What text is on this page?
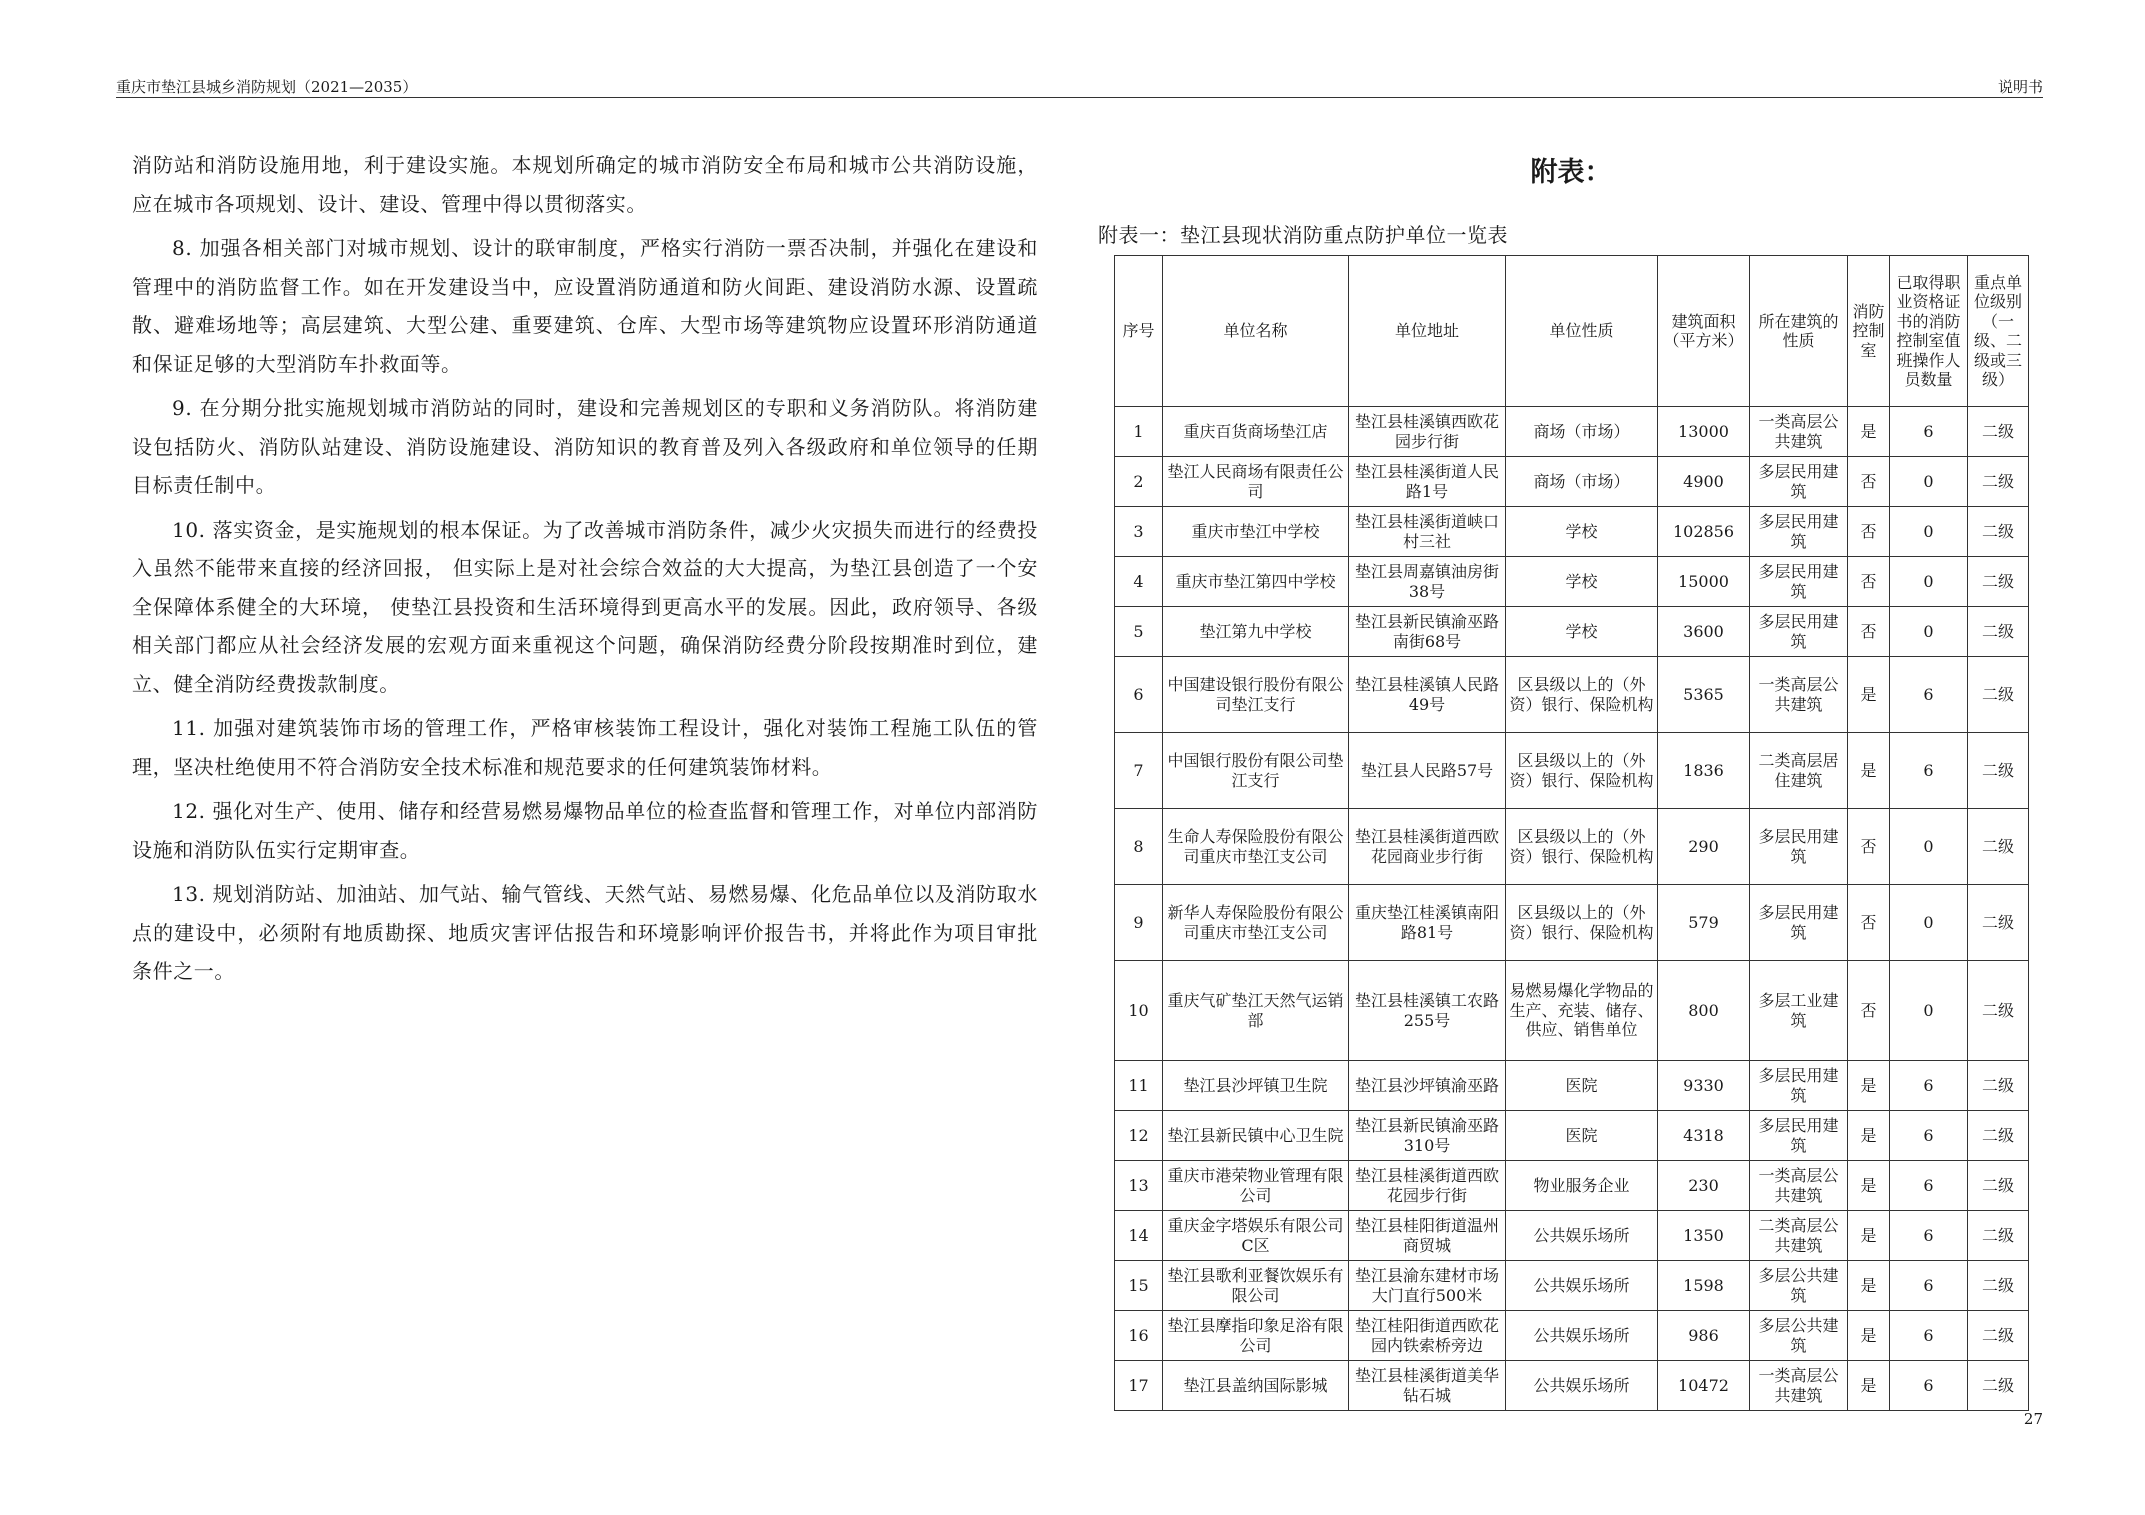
重庆市垫江县城乡消防规划（2021—2035）	说明书

消防站和消防设施用地，利于建设实施。本规划所确定的城市消防安全布局和城市公共消防设施，应在城市各项规划、设计、建设、管理中得以贯彻落实。

8. 加强各相关部门对城市规划、设计的联审制度，严格实行消防一票否决制，并强化在建设和管理中的消防监督工作。如在开发建设当中，应设置消防通道和防火间距、建设消防水源、设置疏散、避难场地等；高层建筑、大型公建、重要建筑、仓库、大型市场等建筑物应设置环形消防通道和保证足够的大型消防车扑救面等。

9. 在分期分批实施规划城市消防站的同时，建设和完善规划区的专职和义务消防队。将消防建设包括防火、消防队站建设、消防设施建设、消防知识的教育普及列入各级政府和单位领导的任期目标责任制中。

10. 落实资金，是实施规划的根本保证。为了改善城市消防条件，减少火灾损失而进行的经费投入虽然不能带来直接的经济回报， 但实际上是对社会综合效益的大大提高，为垫江县创造了一个安全保障体系健全的大环境， 使垫江县投资和生活环境得到更高水平的发展。因此，政府领导、各级相关部门都应从社会经济发展的宏观方面来重视这个问题，确保消防经费分阶段按期准时到位，建立、健全消防经费拨款制度。

11. 加强对建筑装饰市场的管理工作，严格审核装饰工程设计，强化对装饰工程施工队伍的管理，坚决杜绝使用不符合消防安全技术标准和规范要求的任何建筑装饰材料。

12. 强化对生产、使用、储存和经营易燃易爆物品单位的检查监督和管理工作，对单位内部消防设施和消防队伍实行定期审查。

13. 规划消防站、加油站、加气站、输气管线、天然气站、易燃易爆、化危品单位以及消防取水点的建设中，必须附有地质勘探、地质灾害评估报告和环境影响评价报告书，并将此作为项目审批条件之一。

附表：
附表一：垫江县现状消防重点防护单位一览表
序号	单位名称	单位地址	单位性质	建筑面积（平方米）	所在建筑的性质	消防控制室	已取得职业资格证书的消防控制室值班操作人员数量	重点单位级别（一级、二级或三级）
1	重庆百货商场垫江店	垫江县桂溪镇西欧花园步行街	商场（市场）	13000	一类高层公共建筑	是	6	二级
2	垫江人民商场有限责任公司	垫江县桂溪街道人民路1号	商场（市场）	4900	多层民用建筑	否	0	二级
3	重庆市垫江中学校	垫江县桂溪街道峡口村三社	学校	102856	多层民用建筑	否	0	二级
4	重庆市垫江第四中学校	垫江县周嘉镇油房街38号	学校	15000	多层民用建筑	否	0	二级
5	垫江第九中学校	垫江县新民镇渝巫路南街68号	学校	3600	多层民用建筑	否	0	二级
6	中国建设银行股份有限公司垫江支行	垫江县桂溪镇人民路49号	区县级以上的（外资）银行、保险机构	5365	一类高层公共建筑	是	6	二级
7	中国银行股份有限公司垫江支行	垫江县人民路57号	区县级以上的（外资）银行、保险机构	1836	二类高层居住建筑	是	6	二级
8	生命人寿保险股份有限公司重庆市垫江支公司	垫江县桂溪街道西欧花园商业步行街	区县级以上的（外资）银行、保险机构	290	多层民用建筑	否	0	二级
9	新华人寿保险股份有限公司重庆市垫江支公司	重庆垫江桂溪镇南阳路81号	区县级以上的（外资）银行、保险机构	579	多层民用建筑	否	0	二级
10	重庆气矿垫江天然气运销部	垫江县桂溪镇工农路255号	易燃易爆化学物品的生产、充装、储存、供应、销售单位	800	多层工业建筑	否	0	二级
11	垫江县沙坪镇卫生院	垫江县沙坪镇渝巫路	医院	9330	多层民用建筑	是	6	二级
12	垫江县新民镇中心卫生院	垫江县新民镇渝巫路310号	医院	4318	多层民用建筑	是	6	二级
13	重庆市港荣物业管理有限公司	垫江县桂溪街道西欧花园步行街	物业服务企业	230	一类高层公共建筑	是	6	二级
14	重庆金字塔娱乐有限公司C区	垫江县桂阳街道温州商贸城	公共娱乐场所	1350	二类高层公共建筑	是	6	二级
15	垫江县歌利亚餐饮娱乐有限公司	垫江县渝东建材市场大门直行500米	公共娱乐场所	1598	多层公共建筑	是	6	二级
16	垫江县摩指印象足浴有限公司	垫江桂阳街道西欧花园内铁索桥旁边	公共娱乐场所	986	多层公共建筑	是	6	二级
17	垫江县盖纳国际影城	垫江县桂溪街道美华钻石城	公共娱乐场所	10472	一类高层公共建筑	是	6	二级
27
